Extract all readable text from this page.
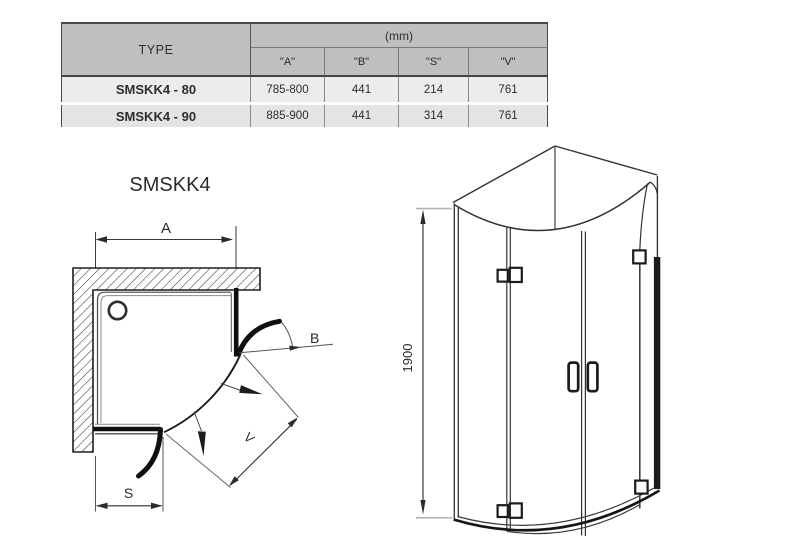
TYPE	(mm)			
	"A"	"B"	"S"	"V"
SMSKK4 - 80	785-800	441	214	761
SMSKK4 - 90	885-900	441	314	761
SMSKK4
A
B
V
S
1900
